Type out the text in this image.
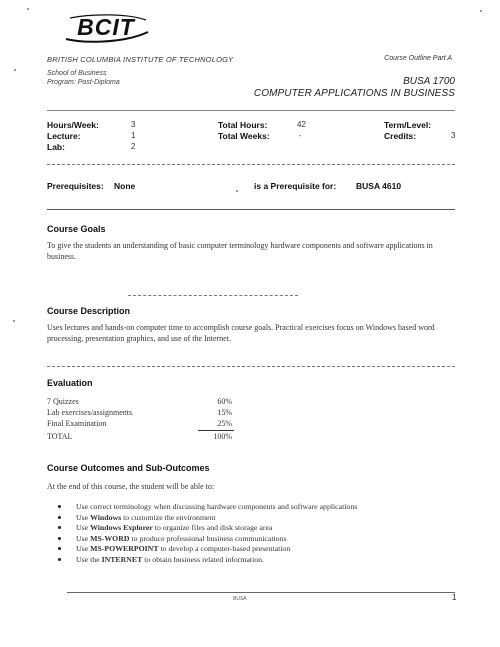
BCIT
BRITISH COLUMBIA INSTITUTE OF TECHNOLOGY	Course Outline Part A
School of Business
Program: Post-Diploma	BUSA 1700
COMPUTER APPLICATIONS IN BUSINESS
Hours/Week:	3
Lecture:	1
Lab:	2
Total Hours:	42
Total Weeks:	-
Term/Level:
Credits:	3
Prerequisites: None	is a Prerequisite for: BUSA 4610
Course Goals
To give the students an understanding of basic computer terminology hardware components and software applications in business.
Course Description
Uses lectures and hands-on computer time to accomplish course goals. Practical exercises focus on Windows based word processing, presentation graphics, and use of the Internet.
Evaluation
7 Quizzes	60%
Lab exercises/assignments	15%
Final Examination	25%
TOTAL	100%
Course Outcomes and Sub-Outcomes
At the end of this course, the student will be able to:
Use correct terminology when discussing hardware components and software applications
Use Windows to customize the environment
Use Windows Explorer to organize files and disk storage area
Use MS-WORD to produce professional business communications
Use MS-POWERPOINT to develop a computer-based presentation
Use the INTERNET to obtain business related information.
BUSA	1
